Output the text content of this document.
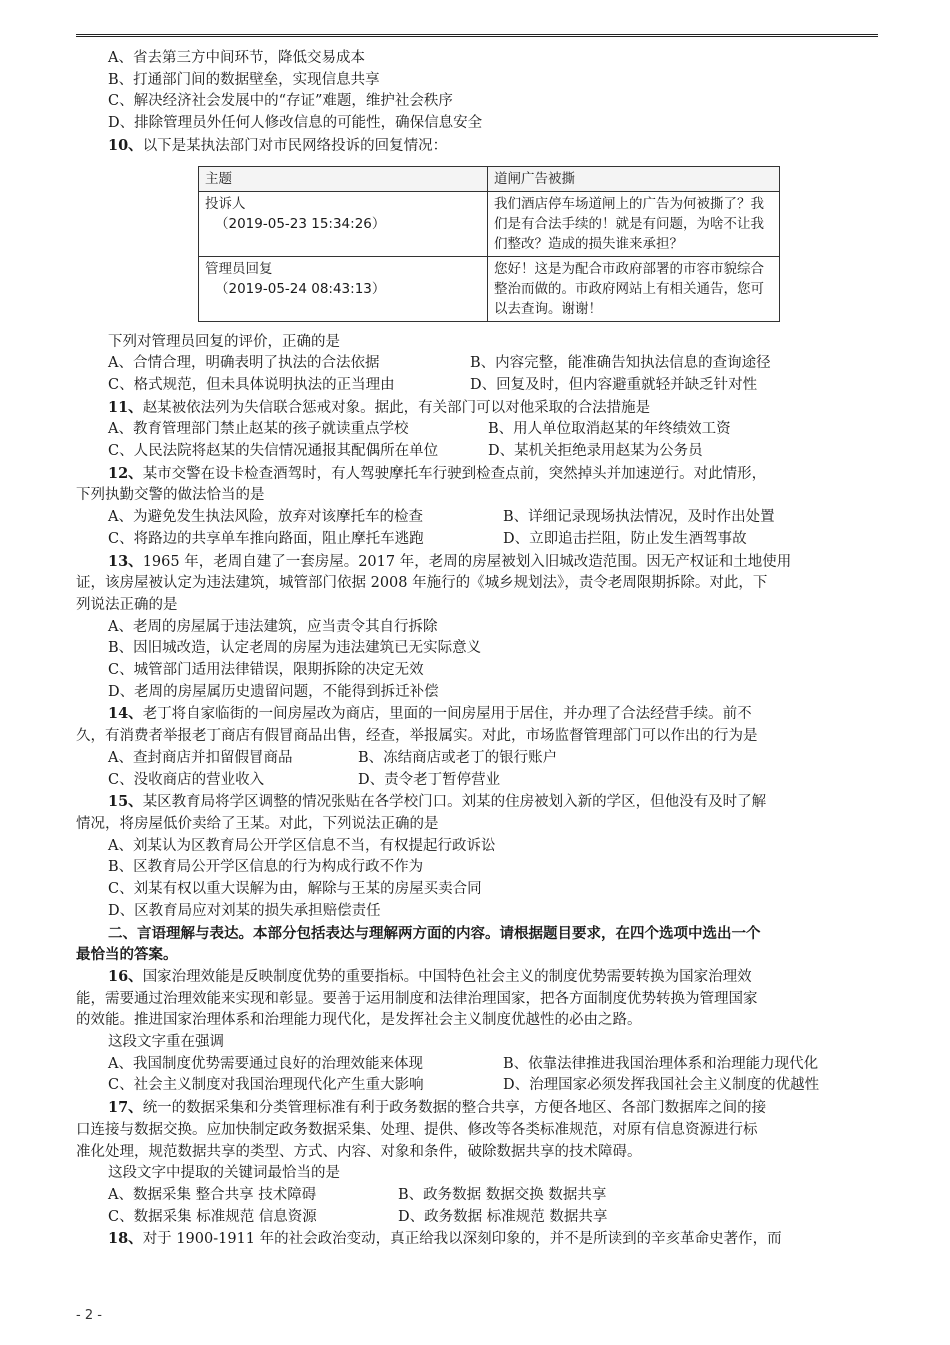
A、省去第三方中间环节，降低交易成本
B、打通部门间的数据壁垒，实现信息共享
C、解决经济社会发展中的“存证”难题，维护社会秩序
D、排除管理员外任何人修改信息的可能性，确保信息安全
10、以下是某执法部门对市民网络投诉的回复情况：
主题	道闸广告被撕

投诉人
（2019-05-23 15:34:26）	我们酒店停车场道闸上的广告为何被撕了？我们是有合法手续的！就是有问题，为啥不让我们整改？造成的损失谁来承担？

管理员回复
（2019-05-24 08:43:13）	您好！这是为配合市政府部署的市容市貌综合整治而做的。市政府网站上有相关通告，您可以去查询。谢谢！
下列对管理员回复的评价，正确的是
A、合情合理，明确表明了执法的合法依据	B、内容完整，能准确告知执法信息的查询途径
C、格式规范，但未具体说明执法的正当理由	D、回复及时，但内容避重就轻并缺乏针对性
11、赵某被依法列为失信联合惩戒对象。据此，有关部门可以对他采取的合法措施是
A、教育管理部门禁止赵某的孩子就读重点学校	B、用人单位取消赵某的年终绩效工资
C、人民法院将赵某的失信情况通报其配偶所在单位	D、某机关拒绝录用赵某为公务员
12、某市交警在设卡检查酒驾时，有人驾驶摩托车行驶到检查点前，突然掉头并加速逆行。对此情形，
下列执勤交警的做法恰当的是
A、为避免发生执法风险，放弃对该摩托车的检查	B、详细记录现场执法情况，及时作出处置
C、将路边的共享单车推向路面，阻止摩托车逃跑	D、立即追击拦阻，防止发生酒驾事故
13、1965 年，老周自建了一套房屋。2017 年，老周的房屋被划入旧城改造范围。因无产权证和土地使用
证，该房屋被认定为违法建筑，城管部门依据 2008 年施行的《城乡规划法》，责令老周限期拆除。对此，下
列说法正确的是
A、老周的房屋属于违法建筑，应当责令其自行拆除
B、因旧城改造，认定老周的房屋为违法建筑已无实际意义
C、城管部门适用法律错误，限期拆除的决定无效
D、老周的房屋属历史遗留问题，不能得到拆迁补偿
14、老丁将自家临街的一间房屋改为商店，里面的一间房屋用于居住，并办理了合法经营手续。前不
久，有消费者举报老丁商店有假冒商品出售，经查，举报属实。对此，市场监督管理部门可以作出的行为是
A、查封商店并扣留假冒商品	B、冻结商店或老丁的银行账户
C、没收商店的营业收入	D、责令老丁暂停营业
15、某区教育局将学区调整的情况张贴在各学校门口。刘某的住房被划入新的学区，但他没有及时了解
情况，将房屋低价卖给了王某。对此，下列说法正确的是
A、刘某认为区教育局公开学区信息不当，有权提起行政诉讼
B、区教育局公开学区信息的行为构成行政不作为
C、刘某有权以重大误解为由，解除与王某的房屋买卖合同
D、区教育局应对刘某的损失承担赔偿责任
二、言语理解与表达。本部分包括表达与理解两方面的内容。请根据题目要求，在四个选项中选出一个
最恰当的答案。
16、国家治理效能是反映制度优势的重要指标。中国特色社会主义的制度优势需要转换为国家治理效
能，需要通过治理效能来实现和彰显。要善于运用制度和法律治理国家，把各方面制度优势转换为管理国家
的效能。推进国家治理体系和治理能力现代化，是发挥社会主义制度优越性的必由之路。
这段文字重在强调
A、我国制度优势需要通过良好的治理效能来体现	B、依靠法律推进我国治理体系和治理能力现代化
C、社会主义制度对我国治理现代化产生重大影响	D、治理国家必须发挥我国社会主义制度的优越性
17、统一的数据采集和分类管理标准有利于政务数据的整合共享，方便各地区、各部门数据库之间的接
口连接与数据交换。应加快制定政务数据采集、处理、提供、修改等各类标准规范，对原有信息资源进行标
准化处理，规范数据共享的类型、方式、内容、对象和条件，破除数据共享的技术障碍。
这段文字中提取的关键词最恰当的是
A、数据采集 整合共享 技术障碍	B、政务数据 数据交换 数据共享
C、数据采集 标准规范 信息资源	D、政务数据 标准规范 数据共享
18、对于 1900-1911 年的社会政治变动，真正给我以深刻印象的，并不是所读到的辛亥革命史著作，而
- 2 -
